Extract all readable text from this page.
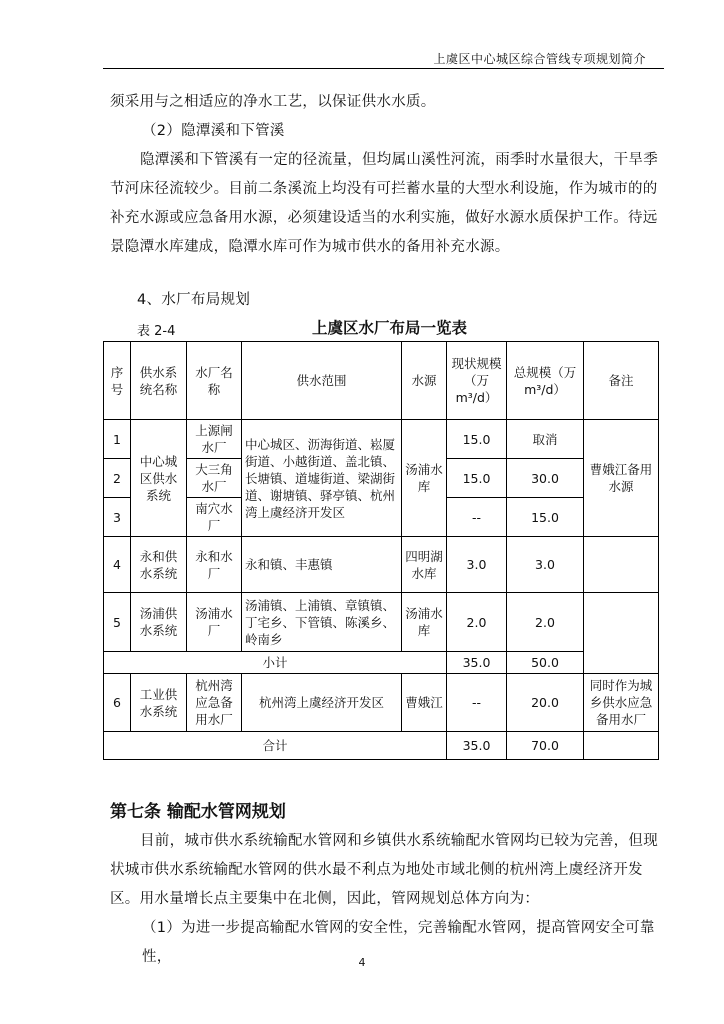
上虞区中心城区综合管线专项规划简介

须采用与之相适应的净水工艺，以保证供水水质。

（2）隐潭溪和下管溪

隐潭溪和下管溪有一定的径流量，但均属山溪性河流，雨季时水量很大，干旱季节河床径流较少。目前二条溪流上均没有可拦蓄水量的大型水利设施，作为城市的的补充水源或应急备用水源，必须建设适当的水利实施，做好水源水质保护工作。待远景隐潭水库建成，隐潭水库可作为城市供水的备用补充水源。

4、水厂布局规划

表 2-4	上虞区水厂布局一览表
序号	供水系统名称	水厂名称	供水范围	水源	现状规模（万m³/d）	总规模（万m³/d）	备注
1	中心城区供水系统	上源闸水厂	中心城区、沥海街道、崧厦街道、小越街道、盖北镇、长塘镇、道墟街道、梁湖街道、谢塘镇、驿亭镇、杭州湾上虞经济开发区	汤浦水库	15.0	取消	曹娥江备用水源
2		大三角水厂			15.0	30.0	
3		南穴水厂			--	15.0	
4	永和供水系统	永和水厂	永和镇、丰惠镇	四明湖水库	3.0	3.0	
5	汤浦供水系统	汤浦水厂	汤浦镇、上浦镇、章镇镇、丁宅乡、下管镇、陈溪乡、岭南乡	汤浦水库	2.0	2.0	
小计					35.0	50.0	
6	工业供水系统	杭州湾应急备用水厂	杭州湾上虞经济开发区	曹娥江	--	20.0	同时作为城乡供水应急备用水厂
合计					35.0	70.0	
第七条 输配水管网规划

目前，城市供水系统输配水管网和乡镇供水系统输配水管网均已较为完善，但现状城市供水系统输配水管网的供水最不利点为地处市域北侧的杭州湾上虞经济开发区。用水量增长点主要集中在北侧，因此，管网规划总体方向为：

（1）为进一步提高输配水管网的安全性，完善输配水管网，提高管网安全可靠性，	4
